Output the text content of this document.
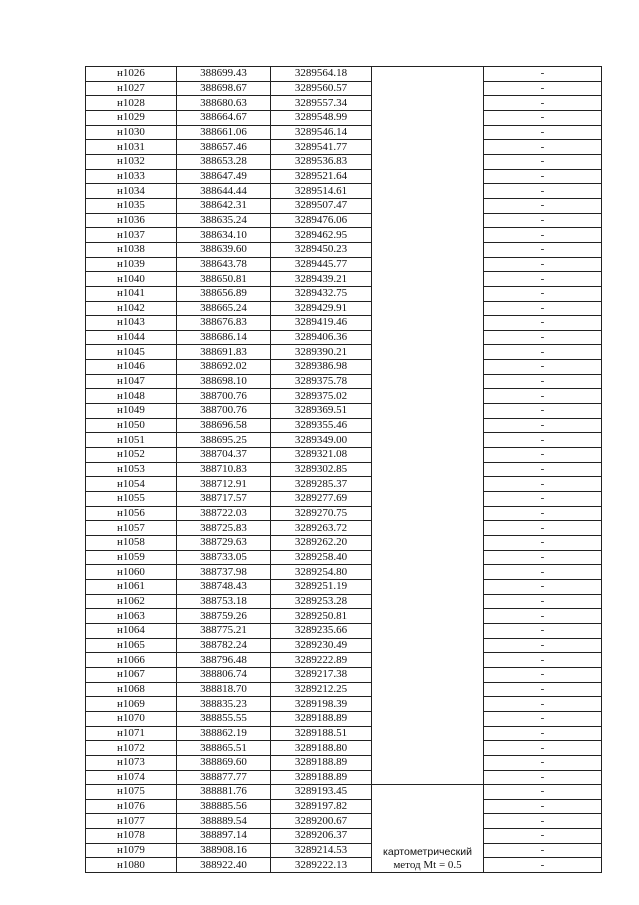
н1026	388699.43	3289564.18		-
н1027	388698.67	3289560.57		-
н1028	388680.63	3289557.34		-
н1029	388664.67	3289548.99		-
н1030	388661.06	3289546.14		-
н1031	388657.46	3289541.77		-
н1032	388653.28	3289536.83		-
н1033	388647.49	3289521.64		-
н1034	388644.44	3289514.61		-
н1035	388642.31	3289507.47		-
н1036	388635.24	3289476.06		-
н1037	388634.10	3289462.95		-
н1038	388639.60	3289450.23		-
н1039	388643.78	3289445.77		-
н1040	388650.81	3289439.21		-
н1041	388656.89	3289432.75		-
н1042	388665.24	3289429.91		-
н1043	388676.83	3289419.46		-
н1044	388686.14	3289406.36		-
н1045	388691.83	3289390.21		-
н1046	388692.02	3289386.98		-
н1047	388698.10	3289375.78		-
н1048	388700.76	3289375.02		-
н1049	388700.76	3289369.51		-
н1050	388696.58	3289355.46		-
н1051	388695.25	3289349.00		-
н1052	388704.37	3289321.08		-
н1053	388710.83	3289302.85		-
н1054	388712.91	3289285.37		-
н1055	388717.57	3289277.69		-
н1056	388722.03	3289270.75		-
н1057	388725.83	3289263.72		-
н1058	388729.63	3289262.20		-
н1059	388733.05	3289258.40		-
н1060	388737.98	3289254.80		-
н1061	388748.43	3289251.19		-
н1062	388753.18	3289253.28		-
н1063	388759.26	3289250.81		-
н1064	388775.21	3289235.66		-
н1065	388782.24	3289230.49		-
н1066	388796.48	3289222.89		-
н1067	388806.74	3289217.38		-
н1068	388818.70	3289212.25		-
н1069	388835.23	3289198.39		-
н1070	388855.55	3289188.89		-
н1071	388862.19	3289188.51		-
н1072	388865.51	3289188.80		-
н1073	388869.60	3289188.89		-
н1074	388877.77	3289188.89		-
н1075	388881.76	3289193.45	картометрический
метод Mt = 0.5	-
н1076	388885.56	3289197.82		-
н1077	388889.54	3289200.67		-
н1078	388897.14	3289206.37		-
н1079	388908.16	3289214.53		-
н1080	388922.40	3289222.13		-
